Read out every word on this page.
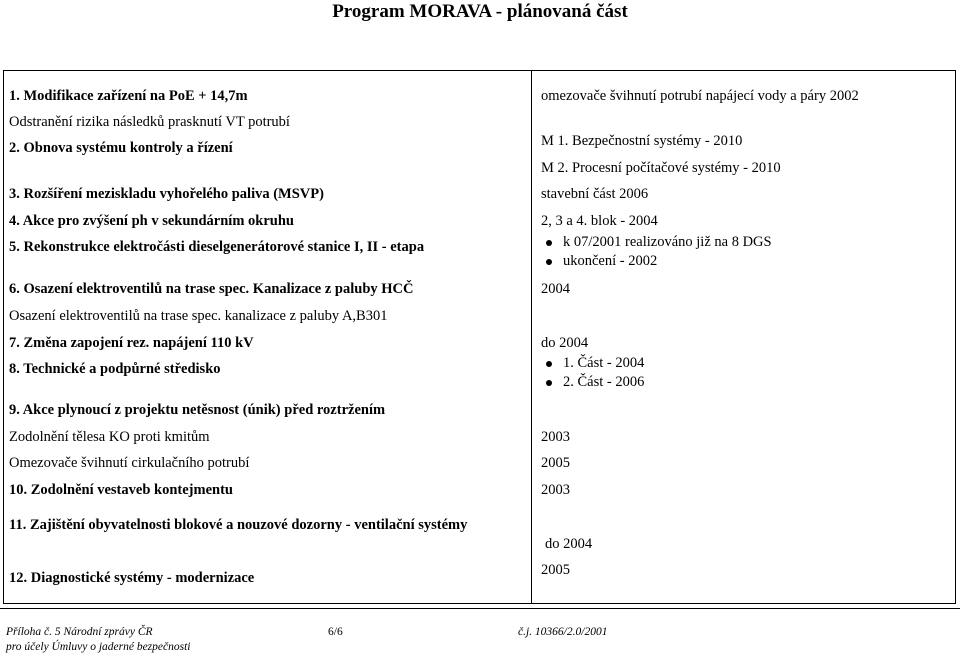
Program MORAVA - plánovaná část
1. Modifikace zařízení na PoE + 14,7m
Odstranění rizika následků prasknutí VT potrubí
2. Obnova systému kontroly a řízení
3. Rozšíření meziskladu vyhořelého paliva (MSVP)
4. Akce pro zvýšení ph v sekundárním okruhu
5. Rekonstrukce elektročásti dieselgenerátorové stanice I, II - etapa
6. Osazení elektroventilů na trase spec. Kanalizace z paluby HCČ
Osazení elektroventilů na trase spec. kanalizace z paluby A,B301
7. Změna zapojení rez. napájení 110 kV
8. Technické a podpůrné středisko
9. Akce plynoucí z projektu netěsnost (únik) před roztržením
Zodolnění tělesa KO proti kmitům
Omezovače švihnutí cirkulačního potrubí
10. Zodolnění vestaveb kontejmentu
11. Zajištění obyvatelnosti blokové a nouzové dozorny - ventilační systémy
12. Diagnostické systémy - modernizace
omezovače švihnutí potrubí napájecí vody a páry 2002
M 1. Bezpečnostní systémy - 2010
M 2. Procesní počítačové systémy - 2010
stavební část 2006
2, 3 a 4. blok - 2004
k 07/2001 realizováno již na 8 DGS
ukončení - 2002
2004
do 2004
1. Část - 2004
2. Část - 2006
2003
2005
2003
do 2004
2005
Příloha č. 5 Národní zprávy ČR
pro účely Úmluvy o jaderné bezpečnosti
6/6	č.j. 10366/2.0/2001
